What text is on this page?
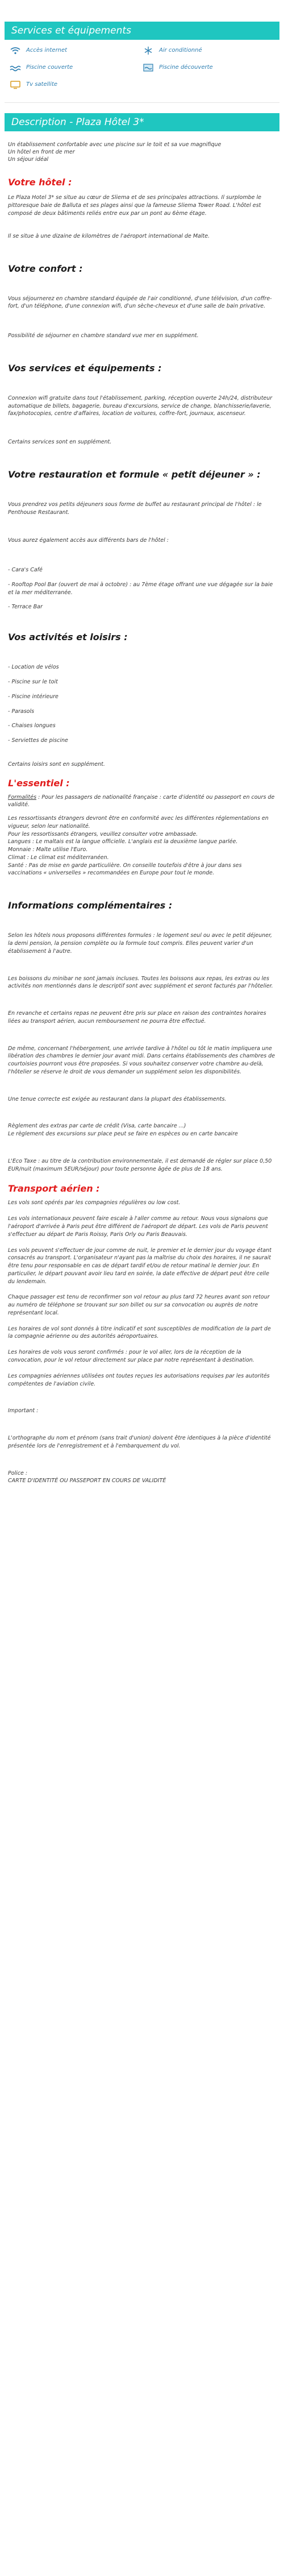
Services et équipements
Accès internet	Air conditionné
Piscine couverte	Piscine découverte
Tv satellite
Description - Plaza Hôtel 3*

Un établissement confortable avec une piscine sur le toit et sa vue magnifique

Un hôtel en front de mer

Un séjour idéal

Votre hôtel :

Le Plaza Hotel 3* se situe au cœur de Sliema et de ses principales attractions. Il surplombe le pittoresque baie de Balluta et ses plages ainsi que la fameuse Sliema Tower Road. L'hôtel est composé de deux bâtiments reliés entre eux par un pont au 6ème étage.

Il se situe à une dizaine de kilomètres de l'aéroport international de Malte.

Votre confort :

Vous séjournerez en chambre standard équipée de l'air conditionné, d'une télévision, d'un coffre-fort, d'un téléphone, d'une connexion wifi, d'un sèche-cheveux et d'une salle de bain privative.

Possibilité de séjourner en chambre standard vue mer en supplément.

Vos services et équipements :

Connexion wifi gratuite dans tout l'établissement, parking, réception ouverte 24h/24, distributeur automatique de billets, bagagerie, bureau d'excursions, service de change, blanchisserie/laverie, fax/photocopies, centre d'affaires, location de voitures, coffre-fort, journaux, ascenseur.

Certains services sont en supplément.

Votre restauration et formule « petit déjeuner » :

Vous prendrez vos petits déjeuners sous forme de buffet au restaurant principal de l'hôtel : le Penthouse Restaurant.

Vous aurez également accès aux différents bars de l'hôtel :

- Cara's Café

- Rooftop Pool Bar (ouvert de mai à octobre) : au 7ème étage offrant une vue dégagée sur la baie et la mer méditerranée.

- Terrace Bar

Vos activités et loisirs :

- Location de vélos

- Piscine sur le toit

- Piscine intérieure

- Parasols

- Chaises longues

- Serviettes de piscine

Certains loisirs sont en supplément.

L'essentiel :

Formalités : Pour les passagers de nationalité française : carte d'identité ou passeport en cours de validité.

Les ressortissants étrangers devront être en conformité avec les différentes réglementations en vigueur, selon leur nationalité.

Pour les ressortissants étrangers, veuillez consulter votre ambassade.

Langues : Le maltais est la langue officielle. L'anglais est la deuxième langue parlée.

Monnaie : Malte utilise l'Euro.

Climat : Le climat est méditerranéen.

Santé : Pas de mise en garde particulière. On conseille toutefois d'être à jour dans ses vaccinations « universelles » recommandées en Europe pour tout le monde.

Informations complémentaires :

Selon les hôtels nous proposons différentes formules : le logement seul ou avec le petit déjeuner, la demi pension, la pension complète ou la formule tout compris. Elles peuvent varier d'un établissement à l'autre.

Les boissons du minibar ne sont jamais incluses. Toutes les boissons aux repas, les extras ou les activités non mentionnés dans le descriptif sont avec supplément et seront facturés par l'hôtelier.

En revanche et certains repas ne peuvent être pris sur place en raison des contraintes horaires liées au transport aérien, aucun remboursement ne pourra être effectué.

De même, concernant l'hébergement, une arrivée tardive à l'hôtel ou tôt le matin impliquera une libération des chambres le dernier jour avant midi. Dans certains établissements des chambres de courtoisies pourront vous être proposées. Si vous souhaitez conserver votre chambre au-delà, l'hôtelier se réserve le droit de vous demander un supplément selon les disponibilités.

Une tenue correcte est exigée au restaurant dans la plupart des établissements.

Règlement des extras par carte de crédit (Visa, carte bancaire ...)

Le règlement des excursions sur place peut se faire en espèces ou en carte bancaire

L'Eco Taxe : au titre de la contribution environnementale, il est demandé de régler sur place 0,50 EUR/nuit (maximum 5EUR/séjour) pour toute personne âgée de plus de 18 ans.

Transport aérien :

Les vols sont opérés par les compagnies régulières ou low cost.

Les vols internationaux peuvent faire escale à l'aller comme au retour. Nous vous signalons que l'aéroport d'arrivée à Paris peut être différent de l'aéroport de départ. Les vols de Paris peuvent s'effectuer au départ de Paris Roissy, Paris Orly ou Paris Beauvais.

Les vols peuvent s'effectuer de jour comme de nuit, le premier et le dernier jour du voyage étant consacrés au transport. L'organisateur n'ayant pas la maîtrise du choix des horaires, il ne saurait être tenu pour responsable en cas de départ tardif et/ou de retour matinal le dernier jour. En particulier, le départ pouvant avoir lieu tard en soirée, la date effective de départ peut être celle du lendemain.

Chaque passager est tenu de reconfirmer son vol retour au plus tard 72 heures avant son retour au numéro de téléphone se trouvant sur son billet ou sur sa convocation ou auprès de notre représentant local.

Les horaires de vol sont donnés à titre indicatif et sont susceptibles de modification de la part de la compagnie aérienne ou des autorités aéroportuaires.

Les horaires de vols vous seront confirmés : pour le vol aller, lors de la réception de la convocation, pour le vol retour directement sur place par notre représentant à destination.

Les compagnies aériennes utilisées ont toutes reçues les autorisations requises par les autorités compétentes de l'aviation civile.

Important :

L'orthographe du nom et prénom (sans trait d'union) doivent être identiques à la pièce d'identité présentée lors de l'enregistrement et à l'embarquement du vol.

Police :

CARTE D'IDENTITÉ OU PASSEPORT EN COURS DE VALIDITÉ
